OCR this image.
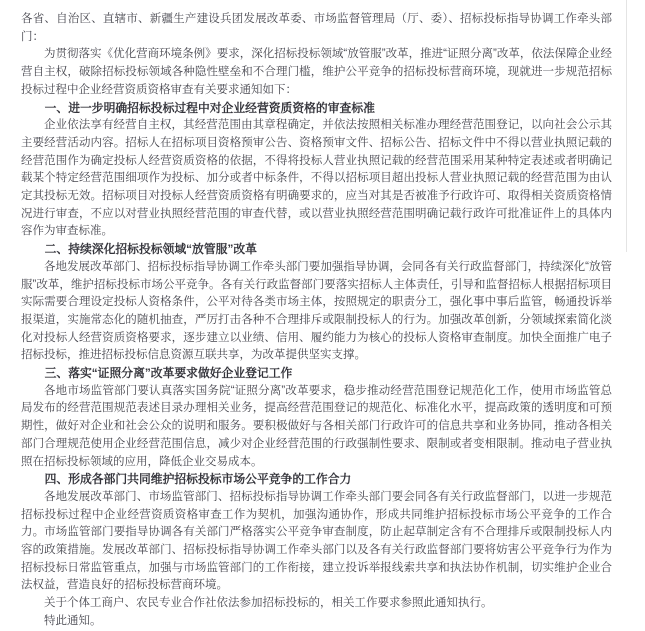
各省、自治区、直辖市、新疆生产建设兵团发展改革委、市场监督管理局（厅、委）、招标投标指导协调工作牵头部门：

为贯彻落实《优化营商环境条例》要求，深化招标投标领域“放管服”改革，推进“证照分离”改革，依法保障企业经营自主权，破除招标投标领域各种隐性壁垒和不合理门槛，维护公平竞争的招标投标营商环境，现就进一步规范招标投标过程中企业经营资质资格审查有关要求通知如下：

一、进一步明确招标投标过程中对企业经营资质资格的审查标准

企业依法享有经营自主权，其经营范围由其章程确定，并依法按照相关标准办理经营范围登记，以向社会公示其主要经营活动内容。招标人在招标项目资格预审公告、资格预审文件、招标公告、招标文件中不得以营业执照记载的经营范围作为确定投标人经营资质资格的依据，不得将投标人营业执照记载的经营范围采用某种特定表述或者明确记载某个特定经营范围细项作为投标、加分或者中标条件，不得以招标项目超出投标人营业执照记载的经营范围为由认定其投标无效。招标项目对投标人经营资质资格有明确要求的，应当对其是否被准予行政许可、取得相关资质资格情况进行审查，不应以对营业执照经营范围的审查代替，或以营业执照经营范围明确记载行政许可批准证件上的具体内容作为审查标准。

二、持续深化招标投标领域“放管服”改革

各地发展改革部门、招标投标指导协调工作牵头部门要加强指导协调，会同各有关行政监督部门，持续深化“放管服”改革，维护招标投标市场公平竞争。各有关行政监督部门要落实招标人主体责任，引导和监督招标人根据招标项目实际需要合理设定投标人资格条件，公平对待各类市场主体，按照规定的职责分工，强化事中事后监管，畅通投诉举报渠道，实施常态化的随机抽查，严厉打击各种不合理排斥或限制投标人的行为。加强改革创新，分领域探索简化淡化对投标人经营资质资格要求，逐步建立以业绩、信用、履约能力为核心的投标人资格审查制度。加快全面推广电子招标投标，推进招标投标信息资源互联共享，为改革提供坚实支撑。

三、落实“证照分离”改革要求做好企业登记工作

各地市场监管部门要认真落实国务院“证照分离”改革要求，稳步推动经营范围登记规范化工作，使用市场监管总局发布的经营范围规范表述目录办理相关业务，提高经营范围登记的规范化、标准化水平，提高政策的透明度和可预期性，做好对企业和社会公众的说明和服务。要积极做好与各相关部门行政许可的信息共享和业务协同，推动各相关部门合理规范使用企业经营范围信息，减少对企业经营范围的行政强制性要求、限制或者变相限制。推动电子营业执照在招标投标领域的应用，降低企业交易成本。

四、形成各部门共同维护招标投标市场公平竞争的工作合力

各地发展改革部门、市场监管部门、招标投标指导协调工作牵头部门要会同各有关行政监督部门，以进一步规范招标投标过程中企业经营资质资格审查工作为契机，加强沟通协作，形成共同维护招标投标市场公平竞争的工作合力。市场监管部门要指导协调各有关部门严格落实公平竞争审查制度，防止起草制定含有不合理排斥或限制投标人内容的政策措施。发展改革部门、招标投标指导协调工作牵头部门以及各有关行政监督部门要将妨害公平竞争行为作为招标投标日常监管重点，加强与市场监管部门的工作衔接，建立投诉举报线索共享和执法协作机制，切实维护企业合法权益，营造良好的招标投标营商环境。

关于个体工商户、农民专业合作社依法参加招标投标的，相关工作要求参照此通知执行。

特此通知。
